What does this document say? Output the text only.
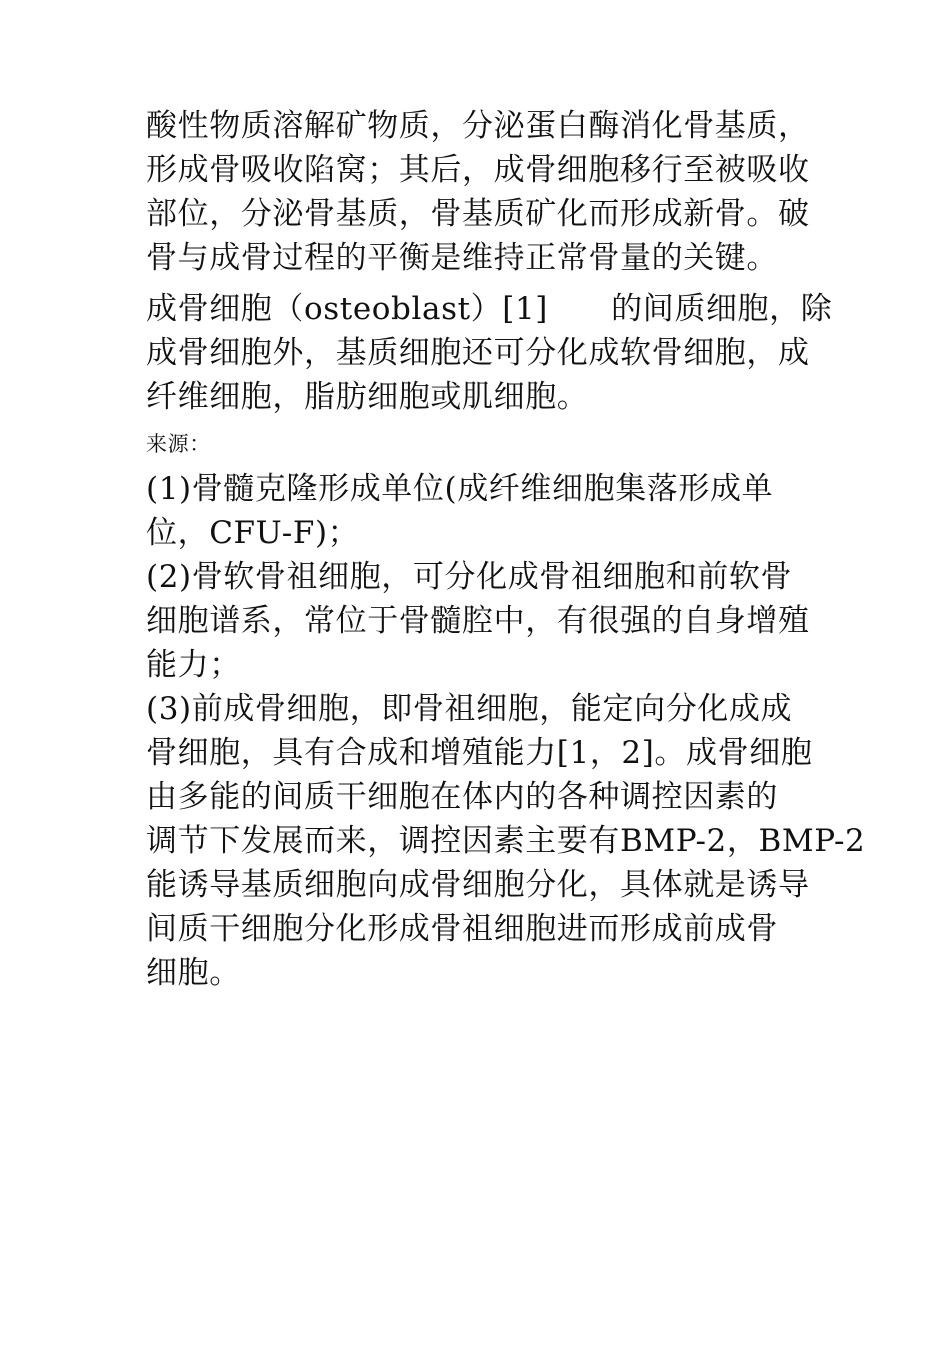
酸性物质溶解矿物质，分泌蛋白酶消化骨基质，
形成骨吸收陷窝；其后，成骨细胞移行至被吸收
部位，分泌骨基质，骨基质矿化而形成新骨。破
骨与成骨过程的平衡是维持正常骨量的关键。
成骨细胞（osteoblast）[1]　　的间质细胞，除
成骨细胞外，基质细胞还可分化成软骨细胞，成
纤维细胞，脂肪细胞或肌细胞。
来源：
(1)骨髓克隆形成单位(成纤维细胞集落形成单
位，CFU-F)；
(2)骨软骨祖细胞，可分化成骨祖细胞和前软骨
细胞谱系，常位于骨髓腔中，有很强的自身增殖
能力；
(3)前成骨细胞，即骨祖细胞，能定向分化成成
骨细胞，具有合成和增殖能力[1，2]。成骨细胞
由多能的间质干细胞在体内的各种调控因素的
调节下发展而来，调控因素主要有BMP-2，BMP-2
能诱导基质细胞向成骨细胞分化，具体就是诱导
间质干细胞分化形成骨祖细胞进而形成前成骨
细胞。
